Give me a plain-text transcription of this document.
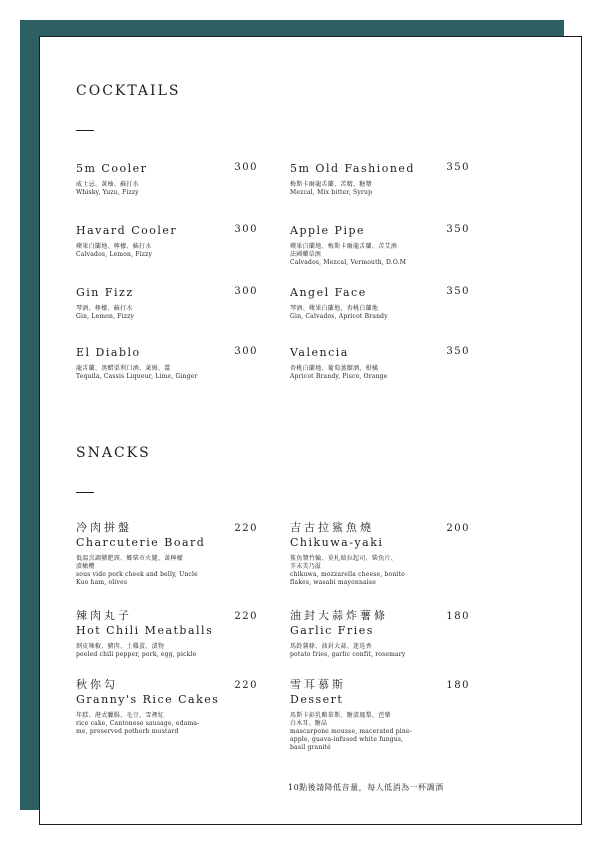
COCKTAILS
5m Cooler
威士忌、黃柚、蘇打水
Whisky, Yuzu, Fizzy
300	5m Old Fashioned
梅斯卡爾龍舌蘭、苦精、糖漿
Mezcal, Mix bitter, Syrup
350
Havard Cooler
蘋果白蘭地、檸檬、蘇打水
Calvados, Lemon, Fizzy
300	Apple Pipe
蘋果白蘭地、梅斯卡爾龍舌蘭、苦艾酒
法國藥草酒
Calvados, Mezcal, Vermouth, D.O.M
350
Gin Fizz
琴酒、檸檬、蘇打水
Gin, Lemon, Fizzy
300	Angel Face
琴酒、蘋果白蘭地、杏桃白蘭地
Gin, Calvados, Apricot Brandy
350
El Diablo
龍舌蘭、黑醋栗利口酒、萊姆、薑
Tequila, Cassis Liqueur, Lime, Ginger
300	Valencia
杏桃白蘭地、葡萄蒸餾酒、柑橘
Apricot Brandy, Pisco, Orange
350
SNACKS
冷肉拼盤
Charcuterie Board
低溫烹調豬肥頸、鄉柴市火腿、黃檸檬
漬橄欖
sous vide pork cheek and belly, Uncle
Kuo ham, olives
220	吉古拉鯊魚燒
Chikuwa-yaki
鯊魚漿竹輪、莫札瑞拉起司、柴魚片、
芥末美乃滋
chikuwa, mozzarella cheese, bonito
flakes, wasabi mayonnaise
200
辣肉丸子
Hot Chili Meatballs
剝皮辣椒、豬肉、土雞蛋、漬物
peeled chili pepper, pork, egg, pickle
220	油封大蒜炸薯條
Garlic Fries
馬鈴薯條、油封大蒜、迷迭香
potato fries, garlic confit, rosemary
180
秋你勾
Granny's Rice Cakes
年糕、港式臘腸、毛豆、雪裡紅
rice cake, Cantonese sausage, edama-
me, preserved potherb mustard
220	雪耳慕斯
Dessert
馬斯卡彭乳酪慕斯、糖漬鳳梨、芭樂
白木耳、糖晶
mascarpone mousse, macerated pine-
apple, guava-infused white fungus,
basil granité
180
10點後請降低音量，每人低消為一杯調酒
